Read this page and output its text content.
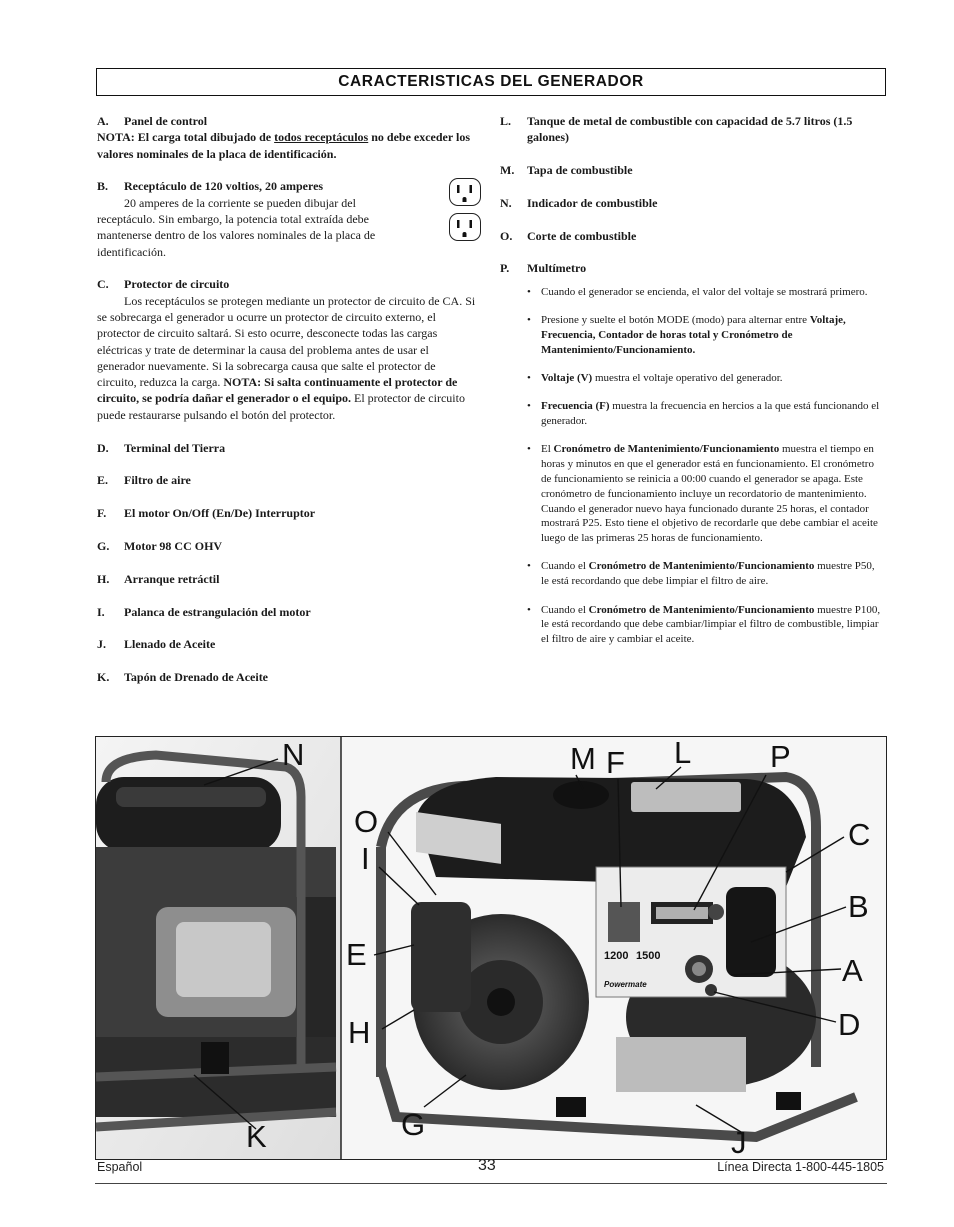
CARACTERISTICAS DEL GENERADOR
A.	Panel de control
NOTA: El carga total dibujado de todos receptáculos no debe exceder los valores nominales de la placa de identificación.
B.	Receptáculo de 120 voltios, 20 amperes
20 amperes de la corriente se pueden dibujar del receptáculo. Sin embargo, la potencia total extraída debe mantenerse dentro de los valores nominales de la placa de identificación.
C.	Protector de circuito
Los receptáculos se protegen mediante un protector de circuito de CA. Si se sobrecarga el generador u ocurre un protector de circuito externo, el protector de circuito saltará. Si esto ocurre, desconecte todas las cargas eléctricas y trate de determinar la causa del problema antes de usar el generador nuevamente. Si la sobrecarga causa que salte el protector de circuito, reduzca la carga. NOTA: Si salta continuamente el protector de circuito, se podría dañar el generador o el equipo. El protector de circuito puede restaurarse pulsando el botón del protector.
D.	Terminal del Tierra
E.	Filtro de aire
F.	El motor On/Off (En/De) Interruptor
G.	Motor 98 CC OHV
H.	Arranque retráctil
I.	Palanca de estrangulación del motor
J.	Llenado de Aceite
K.	Tapón de Drenado de Aceite
L.	Tanque de metal de combustible con capacidad de 5.7 litros (1.5 galones)
M.	Tapa de combustible
N.	Indicador de combustible
O.	Corte de combustible
P.	Multímetro
• Cuando el generador se encienda, el valor del voltaje se mostrará primero.
• Presione y suelte el botón MODE (modo) para alternar entre Voltaje, Frecuencia, Contador de horas total y Cronómetro de Mantenimiento/Funcionamiento.
• Voltaje (V) muestra el voltaje operativo del generador.
• Frecuencia (F) muestra la frecuencia en hercios a la que está funcionando el generador.
• El Cronómetro de Mantenimiento/Funcionamiento muestra el tiempo en horas y minutos en que el generador está en funcionamiento. El cronómetro de funcionamiento se reinicia a 00:00 cuando el generador se apaga. Este cronómetro de funcionamiento incluye un recordatorio de mantenimiento. Cuando el generador nuevo haya funcionado durante 25 horas, el contador mostrará P25. Esto tiene el objetivo de recordarle que debe cambiar el aceite luego de las primeras 25 horas de funcionamiento.
• Cuando el Cronómetro de Mantenimiento/Funcionamiento muestre P50, le está recordando que debe limpiar el filtro de aire.
• Cuando el Cronómetro de Mantenimiento/Funcionamiento muestre P100, le está recordando que debe cambiar/limpiar el filtro de combustible, limpiar el filtro de aire y cambiar el aceite.
1200 1500
Powermate
N
K
M F L	P
O	C
I
B
E	A
D
H
G
J
Español	33	Línea Directa 1-800-445-1805
